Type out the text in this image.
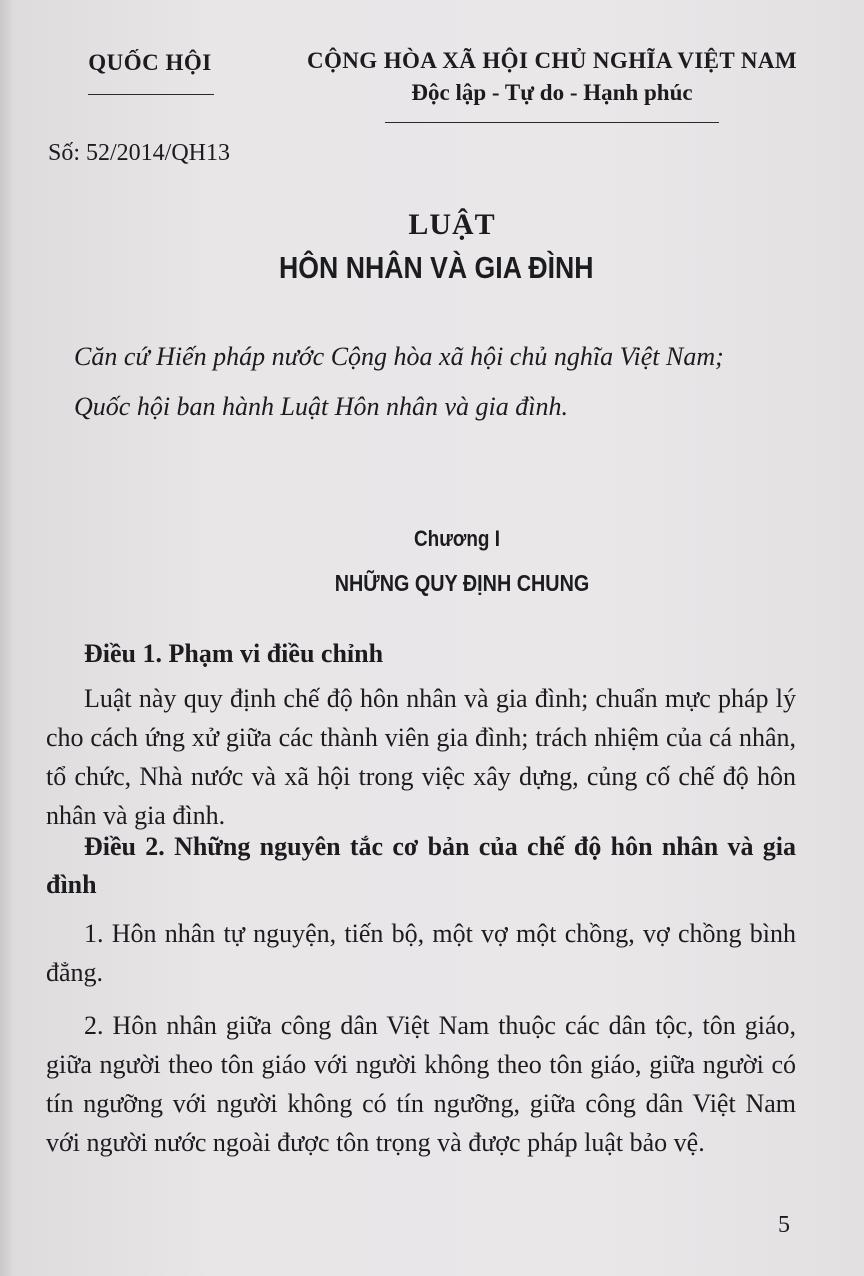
QUỐC HỘI	CỘNG HÒA XÃ HỘI CHỦ NGHĨA VIỆT NAM
Độc lập - Tự do - Hạnh phúc
Số: 52/2014/QH13
LUẬT
HÔN NHÂN VÀ GIA ĐÌNH

Căn cứ Hiến pháp nước Cộng hòa xã hội chủ nghĩa Việt Nam;

Quốc hội ban hành Luật Hôn nhân và gia đình.

Chương I
NHỮNG QUY ĐỊNH CHUNG

Điều 1. Phạm vi điều chỉnh

Luật này quy định chế độ hôn nhân và gia đình; chuẩn mực pháp lý cho cách ứng xử giữa các thành viên gia đình; trách nhiệm của cá nhân, tổ chức, Nhà nước và xã hội trong việc xây dựng, củng cố chế độ hôn nhân và gia đình.

Điều 2. Những nguyên tắc cơ bản của chế độ hôn nhân và gia đình

1. Hôn nhân tự nguyện, tiến bộ, một vợ một chồng, vợ chồng bình đẳng.

2. Hôn nhân giữa công dân Việt Nam thuộc các dân tộc, tôn giáo, giữa người theo tôn giáo với người không theo tôn giáo, giữa người có tín ngưỡng với người không có tín ngưỡng, giữa công dân Việt Nam với người nước ngoài được tôn trọng và được pháp luật bảo vệ.

5
